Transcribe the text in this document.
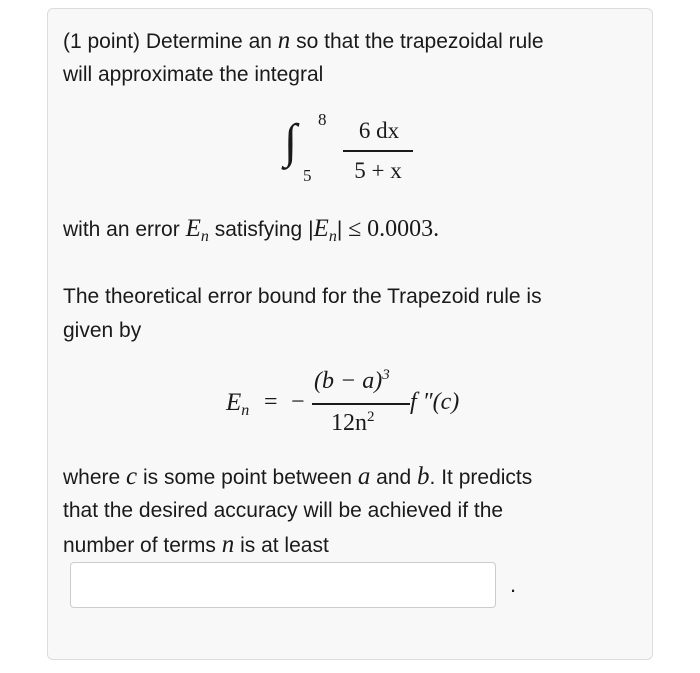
(1 point) Determine an n so that the trapezoidal rule

will approximate the integral

∫ 8
5
6 dx
5 + x

with an error $E_n$ satisfying $|E_n| \le 0.0003$.

The theoretical error bound for the Trapezoid rule is

given by

En = −
$(b - a)^3$
$12n^2$
f ″(c)

where c is some point between a and b. It predicts

that the desired accuracy will be achieved if the

number of terms n is at least

.
